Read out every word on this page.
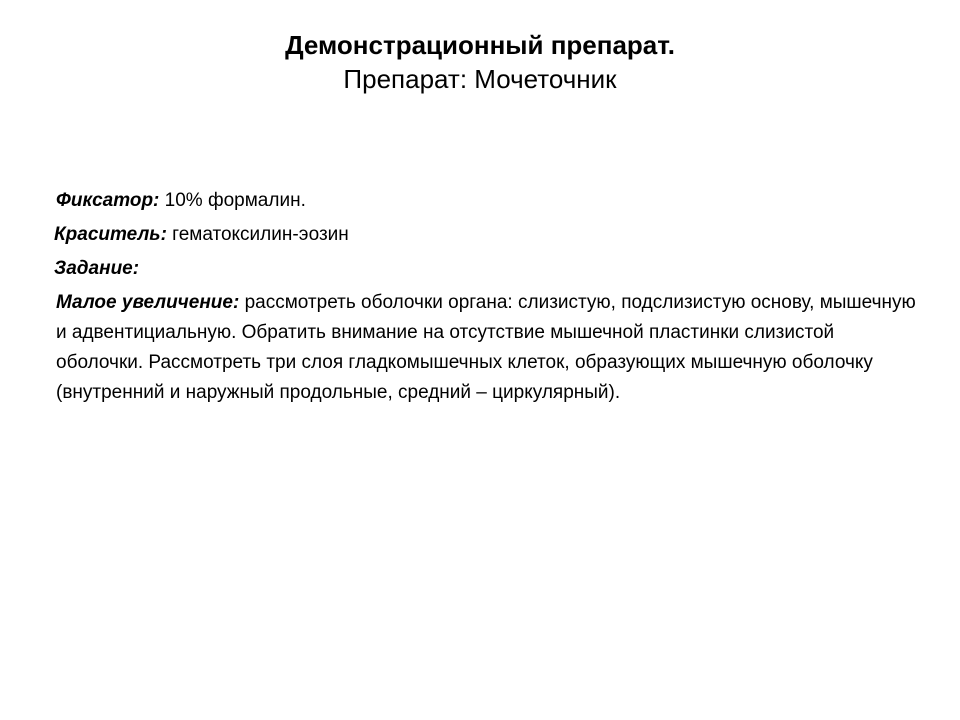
Демонстрационный препарат.
Препарат: Мочеточник

Фиксатор: 10% формалин.

Краситель: гематоксилин-эозин

Задание:

Малое увеличение: рассмотреть оболочки органа: слизистую, подслизистую основу, мышечную и адвентициальную. Обратить внимание на отсутствие мышечной пластинки слизистой оболочки. Рассмотреть три слоя гладкомышечных клеток, образующих мышечную оболочку (внутренний и наружный продольные, средний – циркулярный).
